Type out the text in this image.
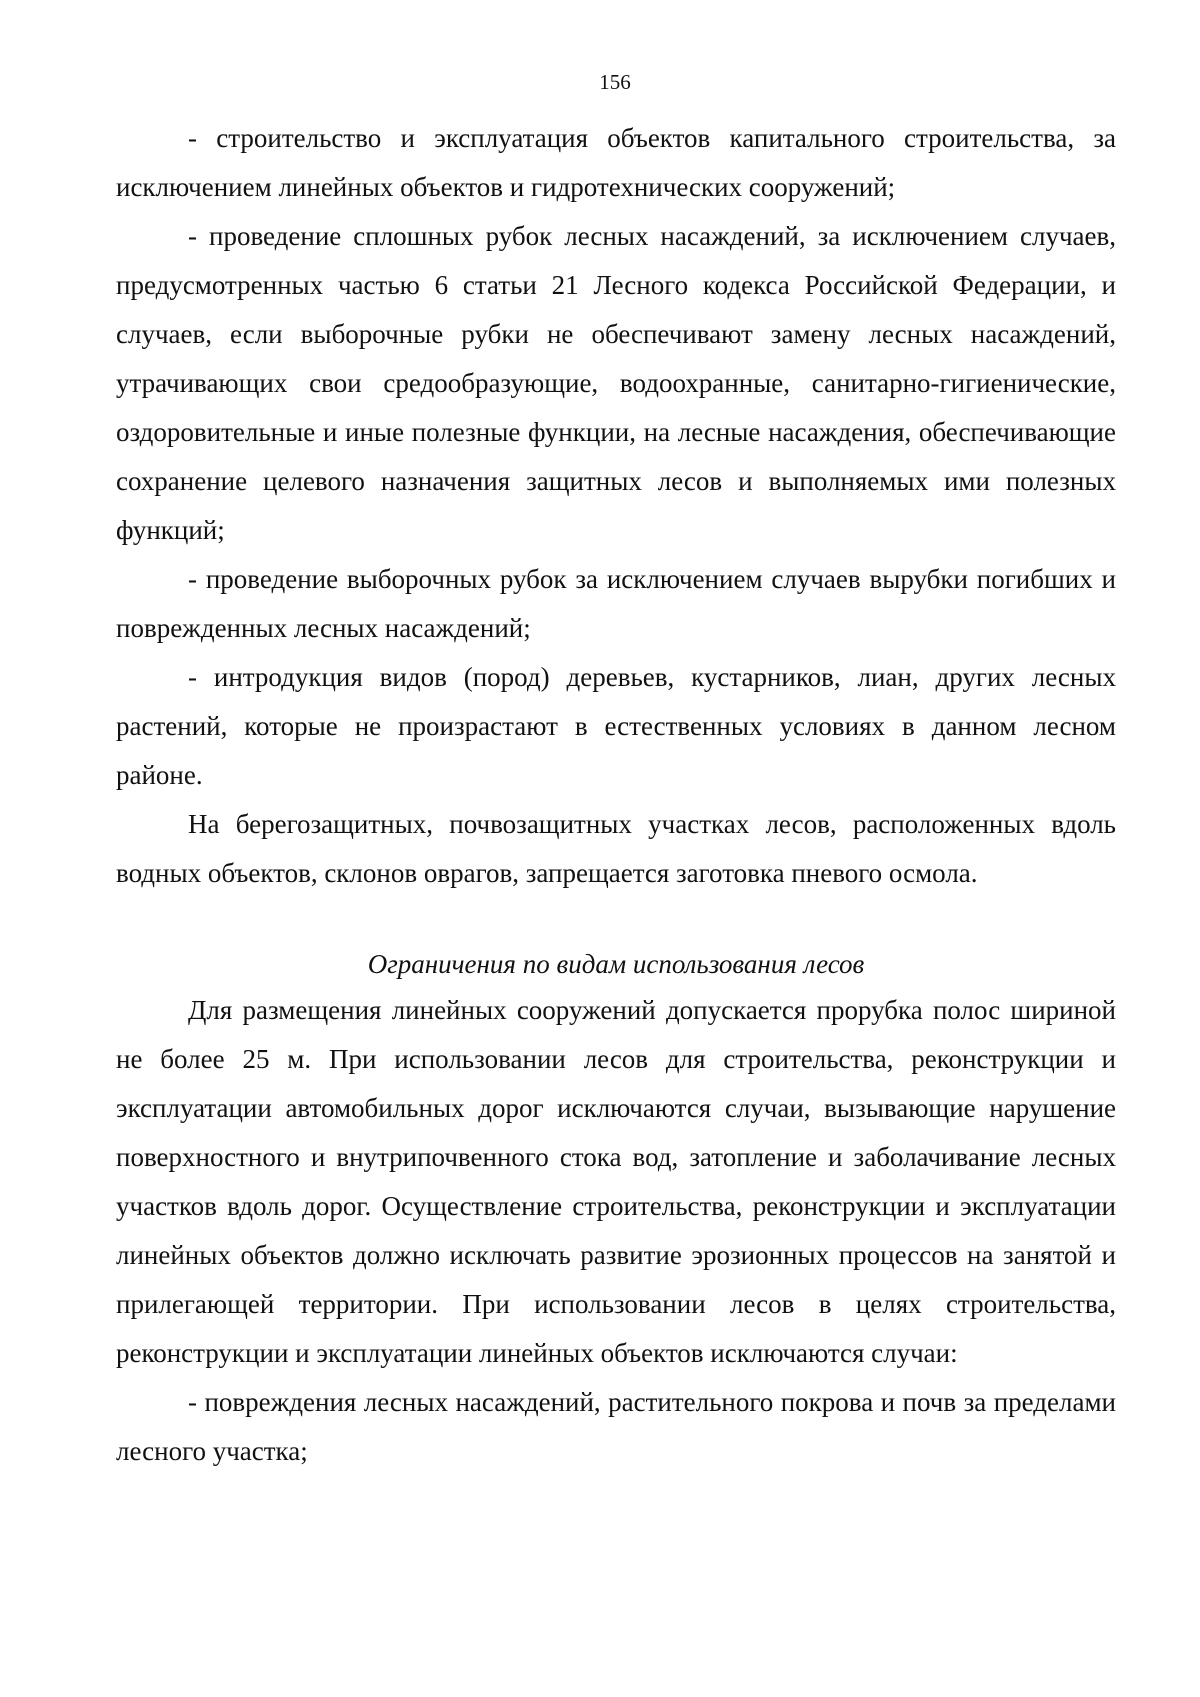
156

- строительство и эксплуатация объектов капитального строительства, за исключением линейных объектов и гидротехнических сооружений;

- проведение сплошных рубок лесных насаждений, за исключением случаев, предусмотренных частью 6 статьи 21 Лесного кодекса Российской Федерации, и случаев, если выборочные рубки не обеспечивают замену лесных насаждений, утрачивающих свои средообразующие, водоохранные, санитарно-гигиенические, оздоровительные и иные полезные функции, на лесные насаждения, обеспечивающие сохранение целевого назначения защитных лесов и выполняемых ими полезных функций;

- проведение выборочных рубок за исключением случаев вырубки погибших и поврежденных лесных насаждений;

- интродукция видов (пород) деревьев, кустарников, лиан, других лесных растений, которые не произрастают в естественных условиях в данном лесном районе.

На берегозащитных, почвозащитных участках лесов, расположенных вдоль водных объектов, склонов оврагов, запрещается заготовка пневого осмола.

Ограничения по видам использования лесов

Для размещения линейных сооружений допускается прорубка полос шириной не более 25 м. При использовании лесов для строительства, реконструкции и эксплуатации автомобильных дорог исключаются случаи, вызывающие нарушение поверхностного и внутрипочвенного стока вод, затопление и заболачивание лесных участков вдоль дорог. Осуществление строительства, реконструкции и эксплуатации линейных объектов должно исключать развитие эрозионных процессов на занятой и прилегающей территории. При использовании лесов в целях строительства, реконструкции и эксплуатации линейных объектов исключаются случаи:

- повреждения лесных насаждений, растительного покрова и почв за пределами лесного участка;
